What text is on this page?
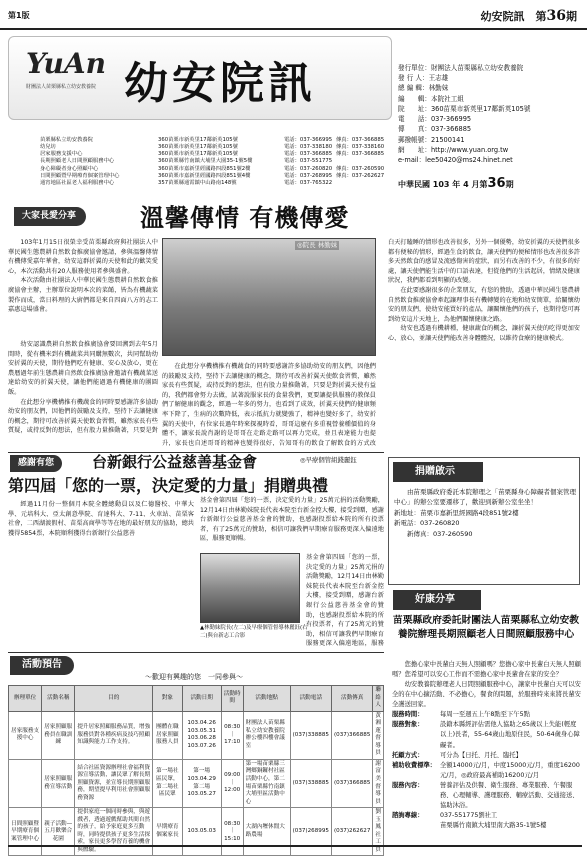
第1版	幼安院訊　 第36期
YuAn
財團法人苗栗縣私立幼安教養院 幼安院訊	發行單位：財團法人苗栗縣私立幼安教養院
發 行 人：王志雄
總 編 輯：林勤妹
編　　輯：本院社工組
院　　址：360苗栗市新英里17鄰新英105號
電　　話：037-366995
傳　　真：037-366885
郵撥帳號：21500141
網　　址：http://www.yuan.org.tw
e-mail：lee50420@ms24.hinet.net
中華民國 103 年 4 月第36期
苗栗縣私立幼安教養院	360苗栗市新英里17鄰新英105號	電話：037-366995 傳真：037-366885
幼兒坊	360苗栗市新英里17鄰新英105號	電話：037-338180 傳真：037-338160
居家服務支援中心	360苗栗市新英里17鄰新英105號	電話：037-366885 傳真：037-366885
長期照顧老人日間照顧服務中心	360苗栗縣竹南鎮大埔里大園35-1號5樓	電話：037-551775
身心障礙者身心照顧中心	360苗栗市嘉新里經國路四段851號2樓	電話：037-260820 傳真：037-260590
日間照顧暨早期療育個案管理中心	360苗栗市嘉新里經國路四段851號4樓	電話：037-268995 傳真：037-262627
通宵地區社區老人福利服務中心	357苗栗縣通霄鎮中山路南148號	電話：037-765322
大家長愛分享	溫馨傳情 有機傳愛

103年1月15日很榮幸受苗栗縣政府與社團法人中華民國生態農耕自然飲食推廣協會邀請，參與溫馨傳情 有機傳愛嘉年華會，幼安這群折翼的天使和此的歡笑愛心，本次活動共有20人服務使用者參與盛會。

本次活動由社團法人中華民國生態農耕自然飲食推廣協會主辦，主辦單位說明本次的菜餚，皆為有機蔬菜製作而成，當日料理的大廚們都是來自四面八方的志工嘉惠這場盛會。

◎院長 林勤妹

幼安認識農耕自然飲食推廣協會要回溯到去年5月間時，從有機米到有機蔬菜共同購無數次，共同幫助幼安折翼的天使，期待他們吃有健康、安心及放心，更在農曆過年前生態農耕自然飲食推廣協會邀請有機蔬菜送達給幼安的折翼天使，讓他們能過過有機健康的團圓飯。

在此想分享機構推有機蔬食的同時要感謝許多協助幼安的朋友們，因他們的鼓勵及支持，堅持下去讓健康的概念，期待可改善折翼天使飲食習慣，雖然家長有些質疑，或持反對的想法，但有股力量推動著，只要是對

在此想分享機構推有機蔬食的同時要感謝許多協助幼安的朋友們，因他們的鼓勵及支持，堅持下去讓健康的概念，期待可改善折翼天使飲食習慣，雖然家長有些質疑，或持反對的想法，但有股力量推動著，只要是對折翼天使有益的，我們都會努力去做，試著說服家長的食量我們，更要讓提供服務的教保員們了解健康的觀念，經過一年多的努力，也看到了成效，折翼天使們的健康頻率下降了，生病的次數降低，表示抵抗力就變強了，精神也變好多了，幼安折翼的天使中，有位家長過年時來探視時看，哥哥這麼有多重視營養種價值的身體不，讓家長說肖謝的是哥哥在走路走路可以再力完成，並且表達能力也提升，家長也自述哥哥的精神也變得很好，告知哥有的飲食了解飲食的方式改

白天打瞌睡的情形也改善很多，另外一個優勢，幼安折翼的天使們很多都有便秘的情形，經過生食的飲食，讓天使們的便秘情形也改善很多許多天然飲食的感冒及流感傷害的症狀，而另有改善的不少，有很多的好處，讓天使們能生活中的口語表達，但從他們的生活起居，情緒及健康狀況，我們都看到明顯的改變。

在此要感謝很多的企業朋友，有您的贊助，透過中華民國生態農耕自然飲食推廣協會牽起讓理事長有機轉變的在地和幼安簡單，給關懷幼安的朋友們，使幼安能買好的產品，讓關懷他們的孩子，也期待您可再到幼安這片天地上，為他們關懷健康之路。

幼安也透過有機耕種，健康蔬食的概念，讓折翼天使的吃得更加安心、放心，並讓天使們能改善身體體況，以維持食療的健康模式。

捐贈啟示

由苗栗縣政府委託本院辦理之「苗栗縣身心障礙者個案管理中心」的辦公室要遷移了，歡迎到新辦公室坐坐！

新地址：苗栗市嘉新里經國路4段851號2樓

新電話：037-260820

新傳真：037-260590

感謝有您	台新銀行公益慈善基金會	◎早療個管組錢麗鈺
第四屆「您的一票，決定愛的力量」捐贈典禮

經過11月份一整個月本院全體總動員以及仁德醫校、中華大學、元培科大、亞太創意學院、育達科大、7-11、火車站、苗栗客社會，二西湖渡假村、苗栗高商學等等在地的最好朋友的協助，總共獲得5854票，本院順利獲得台新銀行公益慈善

基金會第四屆「您的一票，決定愛的力量」25萬元捐的活動獎勵，12月14日由林勤妹院長代表本院至台新金控大樓，接受到贈，感謝台新銀行公益慈善基金會的贊助，也感謝投票給本院的所有投票者，有了25萬元的贊助，相信可讓我們早期療育服務更深入偏遠地區，服務更順暢。

▲林勤妹院長(左二)及早療個管督導林麗鈺(右二)與台新志工合影

基金會第四屆「您的一票，決定愛的力量」25萬元捐的活動獎勵，12月14日由林勤妹院長代表本院至台新金控大樓，接受到贈，感謝台新銀行公益慈善基金會的贊助，也感謝投票給本院的所有投票者，有了25萬元的贊助，相信可讓我們早期療育服務更深入偏遠地區，服務

好康分享
苗栗縣政府委託財團法人苗栗縣私立幼安教養院辦理長期照顧老人日間照顧服務中心

您擔心家中長輩白天無人照顧嗎？您擔心家中長輩白天無人照顧嗎？您希望可以安心工作而不需擔心家中長輩會在家的安全？

幼安教養院辦理老人日間照顧服務中心，讓家中長輩白天可以安全的在中心擴活動、不必擔心，餐食的問題，於服務時來來將長輩安全護送回家。

服務時間：	每周一至週五上午8點至下午5點
服務對象：	設籍本縣經評估需他人協助之65歲以上失能(輕度以上)長者，55-64歲山地原住民，50-64歲身心障礙者。
托顧方式：	可分為【日托、月托、臨托】
補助收費標準： 全額14000元/月，中度15000元/月，重度16200元/月，◎政府最高補助16200元/月
服務內容：	營養評估及供餐、衛生服務、專業服務、午餐服務、心理輔導、護理服務、輔療活動、交通接送、協助沐浴。
諮詢專線：	037-551775劉社工
苗栗縣竹南鎮大埔里南大路35-1號5樓
活動預告
～歡迎有興趣的您　一同參與～
辦理單位	活動名稱	目的	對象	活動日期	活動時間	活動地點	活動電話	活動傳真	聯絡人
居家服務支援中心	居家照顧服務員在職訓練	提升居家照顧服務品質，增強服務員對各種疾病及技巧照顧知識與能力工作支持。	團體在職居家照顧服務人員	103.04.26 103.05.31 103.06.28 103.07.26	08:30｜17:10	財團法人苗栗縣私立幼安教養院辦公樓四樓會議室	(037)338885	(037)366885	黃湘蓮督導員
	居家照顧服務宣導活動	結合社區資源辦理社會福利資源宣導活動，讓民眾了解長期照顧資源，並宣導長期照顧服務，期望提早利用社會照顧服務資源	第一場社區民眾，第二場社區民眾	第一場103.04.29　第二場103.05.27	09:00｜12:00	第一場苗栗縣三灣鄉銅鑼村社區活動中心，第二場苗栗縣竹南鎮大埔里區活動中心	(037)338885	(037)366885	謝富美督導員
日間照顧暨早期療育個案管理中心	親子活動—五月歡樂合花園	提供家庭一個同時參與，與遊戲者，透過遊戲幫助其間自然的孩子，給予家庭更多互動時，同時提供孩子更多生活探索，家長更多學習育養的機會與體驗。	早期療育個案家長	103.05.03	08:30｜15:10	大湖內壢休閒大路農場	(037)268995	(037)262627	劉玉鳳社工員
